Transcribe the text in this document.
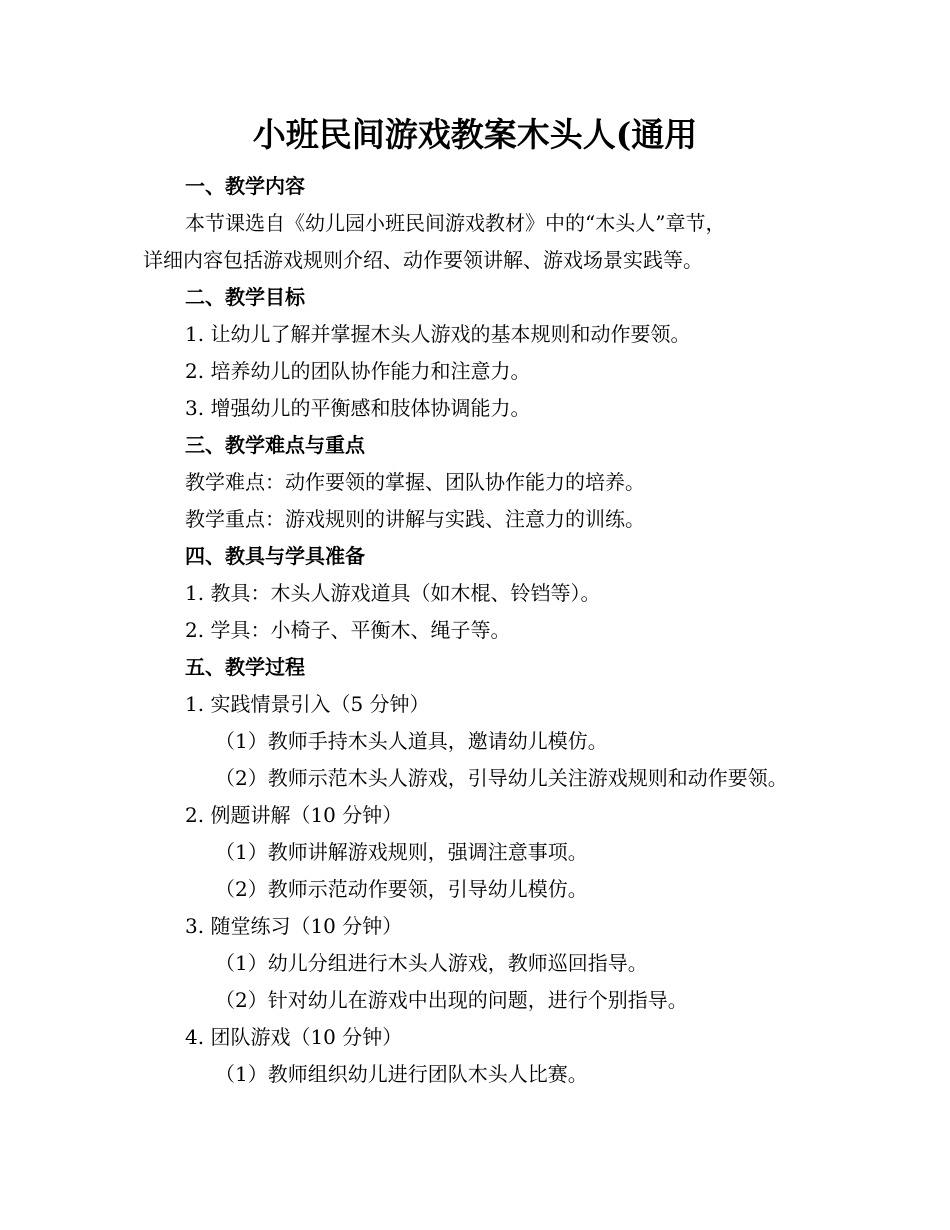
小班民间游戏教案木头人(通用
一、教学内容
本节课选自《幼儿园小班民间游戏教材》中的“木头人”章节，
详细内容包括游戏规则介绍、动作要领讲解、游戏场景实践等。
二、教学目标
1. 让幼儿了解并掌握木头人游戏的基本规则和动作要领。
2. 培养幼儿的团队协作能力和注意力。
3. 增强幼儿的平衡感和肢体协调能力。
三、教学难点与重点
教学难点：动作要领的掌握、团队协作能力的培养。
教学重点：游戏规则的讲解与实践、注意力的训练。
四、教具与学具准备
1. 教具：木头人游戏道具（如木棍、铃铛等）。
2. 学具：小椅子、平衡木、绳子等。
五、教学过程
1. 实践情景引入（5 分钟）
（1）教师手持木头人道具，邀请幼儿模仿。
（2）教师示范木头人游戏，引导幼儿关注游戏规则和动作要领。
2. 例题讲解（10 分钟）
（1）教师讲解游戏规则，强调注意事项。
（2）教师示范动作要领，引导幼儿模仿。
3. 随堂练习（10 分钟）
（1）幼儿分组进行木头人游戏，教师巡回指导。
（2）针对幼儿在游戏中出现的问题，进行个别指导。
4. 团队游戏（10 分钟）
（1）教师组织幼儿进行团队木头人比赛。
